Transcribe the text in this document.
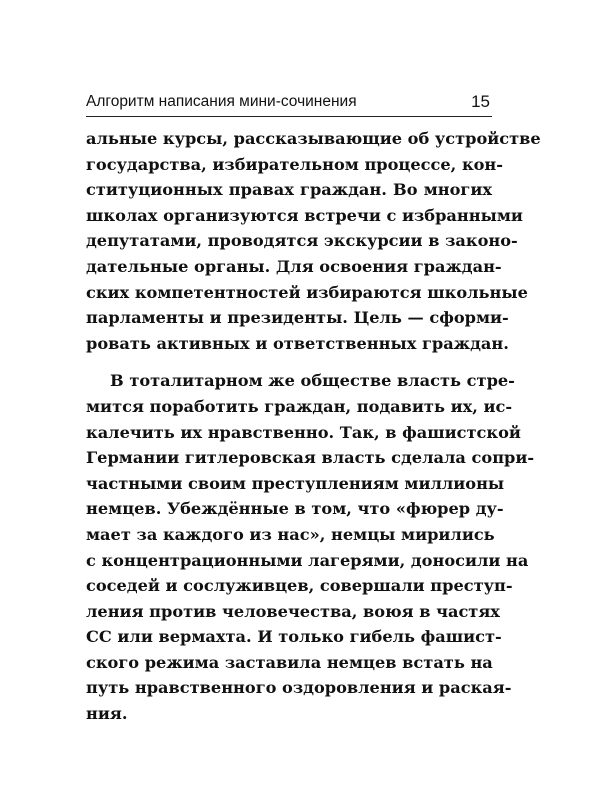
Алгоритм написания мини-сочинения	15

альные курсы, рассказывающие об устройстве
государства, избирательном процессе, кон-
ституционных правах граждан. Во многих
школах организуются встречи с избранными
депутатами, проводятся экскурсии в законо-
дательные органы. Для освоения граждан-
ских компетентностей избираются школьные
парламенты и президенты. Цель — сформи-
ровать активных и ответственных граждан.

В тоталитарном же обществе власть стре-
мится поработить граждан, подавить их, ис-
калечить их нравственно. Так, в фашистской
Германии гитлеровская власть сделала сопри-
частными своим преступлениям миллионы
немцев. Убеждённые в том, что «фюрер ду-
мает за каждого из нас», немцы мирились
с концентрационными лагерями, доносили на
соседей и сослуживцев, совершали преступ-
ления против человечества, воюя в частях
СС или вермахта. И только гибель фашист-
ского режима заставила немцев встать на
путь нравственного оздоровления и раская-
ния.
